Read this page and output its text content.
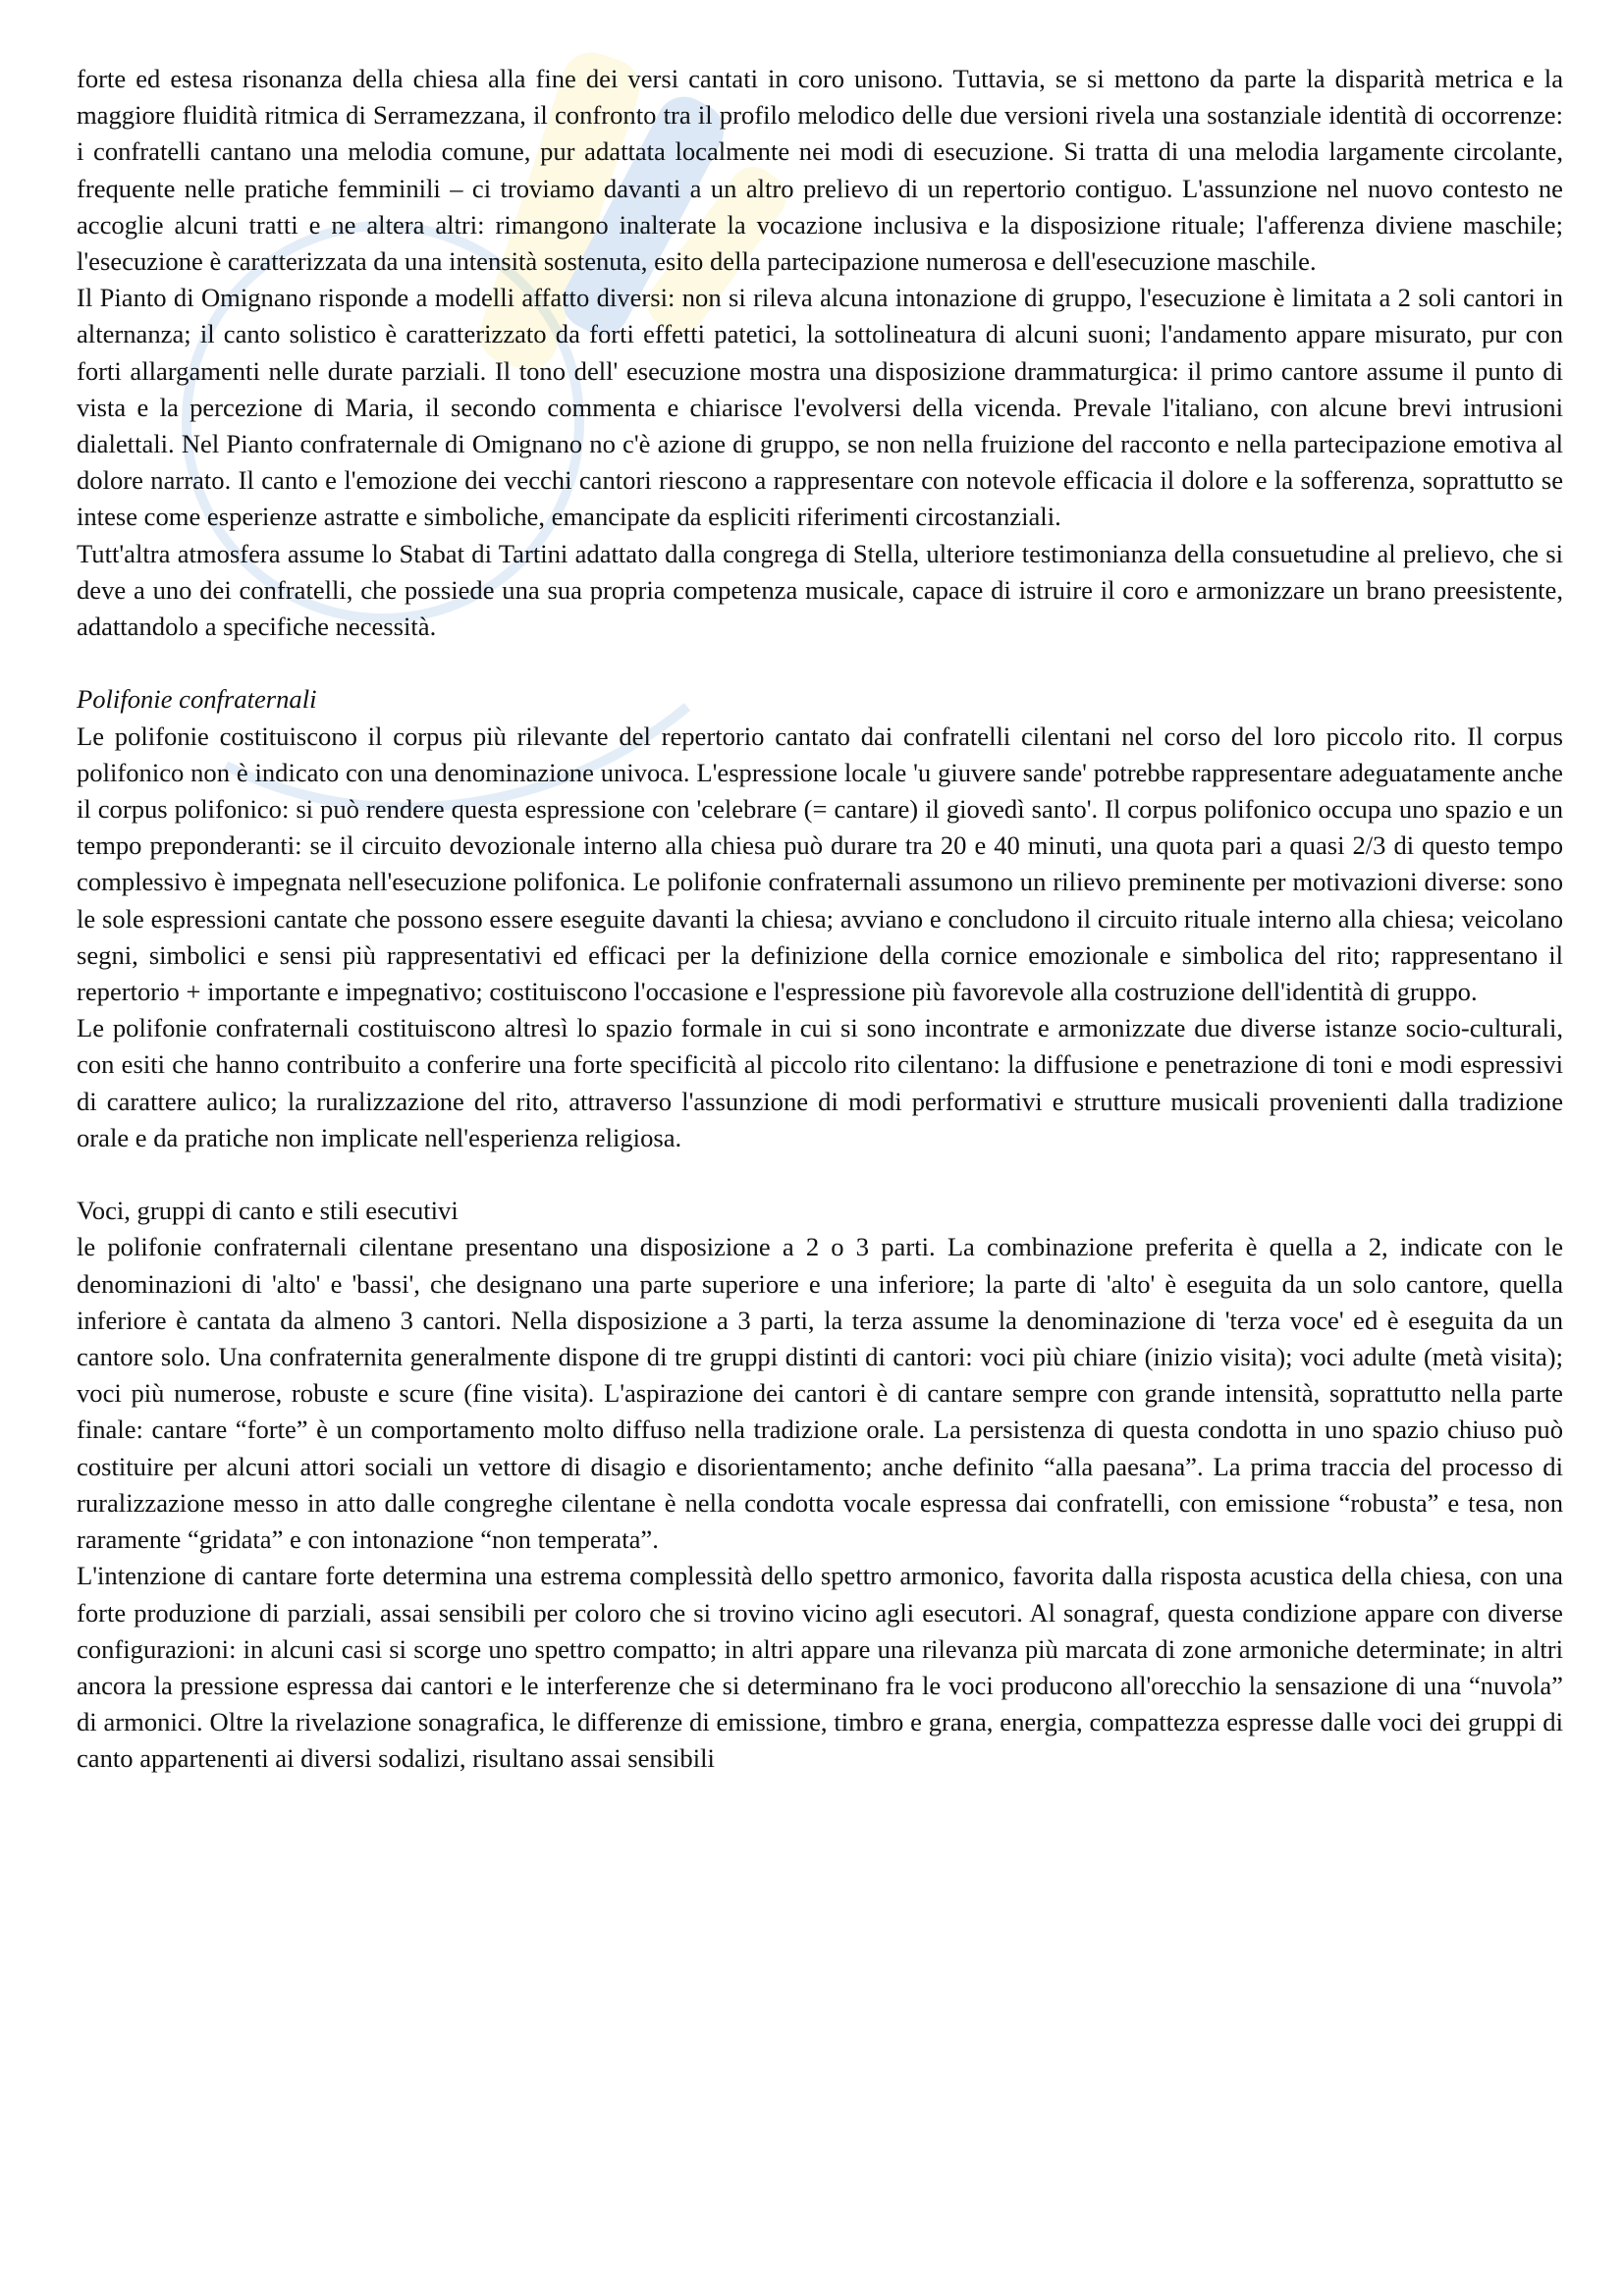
forte ed estesa risonanza della chiesa alla fine dei versi cantati in coro unisono. Tuttavia, se si mettono da parte la disparità metrica e la maggiore fluidità ritmica di Serramezzana, il confronto tra il profilo melodico delle due versioni rivela una sostanziale identità di occorrenze: i confratelli cantano una melodia comune, pur adattata localmente nei modi di esecuzione. Si tratta di una melodia largamente circolante, frequente nelle pratiche femminili – ci troviamo davanti a un altro prelievo di un repertorio contiguo. L'assunzione nel nuovo contesto ne accoglie alcuni tratti e ne altera altri: rimangono inalterate la vocazione inclusiva e la disposizione rituale; l'afferenza diviene maschile; l'esecuzione è caratterizzata da una intensità sostenuta, esito della partecipazione numerosa e dell'esecuzione maschile.

Il Pianto di Omignano risponde a modelli affatto diversi: non si rileva alcuna intonazione di gruppo, l'esecuzione è limitata a 2 soli cantori in alternanza; il canto solistico è caratterizzato da forti effetti patetici, la sottolineatura di alcuni suoni; l'andamento appare misurato, pur con forti allargamenti nelle durate parziali. Il tono dell' esecuzione mostra una disposizione drammaturgica: il primo cantore assume il punto di vista e la percezione di Maria, il secondo commenta e chiarisce l'evolversi della vicenda. Prevale l'italiano, con alcune brevi intrusioni dialettali. Nel Pianto confraternale di Omignano no c'è azione di gruppo, se non nella fruizione del racconto e nella partecipazione emotiva al dolore narrato. Il canto e l'emozione dei vecchi cantori riescono a rappresentare con notevole efficacia il dolore e la sofferenza, soprattutto se intese come esperienze astratte e simboliche, emancipate da espliciti riferimenti circostanziali.

Tutt'altra atmosfera assume lo Stabat di Tartini adattato dalla congrega di Stella, ulteriore testimonianza della consuetudine al prelievo, che si deve a uno dei confratelli, che possiede una sua propria competenza musicale, capace di istruire il coro e armonizzare un brano preesistente, adattandolo a specifiche necessità.

Polifonie confraternali

Le polifonie costituiscono il corpus più rilevante del repertorio cantato dai confratelli cilentani nel corso del loro piccolo rito. Il corpus polifonico non è indicato con una denominazione univoca. L'espressione locale 'u giuvere sande' potrebbe rappresentare adeguatamente anche il corpus polifonico: si può rendere questa espressione con 'celebrare (= cantare) il giovedì santo'. Il corpus polifonico occupa uno spazio e un tempo preponderanti: se il circuito devozionale interno alla chiesa può durare tra 20 e 40 minuti, una quota pari a quasi 2/3 di questo tempo complessivo è impegnata nell'esecuzione polifonica. Le polifonie confraternali assumono un rilievo preminente per motivazioni diverse: sono le sole espressioni cantate che possono essere eseguite davanti la chiesa; avviano e concludono il circuito rituale interno alla chiesa; veicolano segni, simbolici e sensi più rappresentativi ed efficaci per la definizione della cornice emozionale e simbolica del rito; rappresentano il repertorio + importante e impegnativo; costituiscono l'occasione e l'espressione più favorevole alla costruzione dell'identità di gruppo.

Le polifonie confraternali costituiscono altresì lo spazio formale in cui si sono incontrate e armonizzate due diverse istanze socio-culturali, con esiti che hanno contribuito a conferire una forte specificità al piccolo rito cilentano: la diffusione e penetrazione di toni e modi espressivi di carattere aulico; la ruralizzazione del rito, attraverso l'assunzione di modi performativi e strutture musicali provenienti dalla tradizione orale e da pratiche non implicate nell'esperienza religiosa.

Voci, gruppi di canto e stili esecutivi

le polifonie confraternali cilentane presentano una disposizione a 2 o 3 parti. La combinazione preferita è quella a 2, indicate con le denominazioni di 'alto' e 'bassi', che designano una parte superiore e una inferiore; la parte di 'alto' è eseguita da un solo cantore, quella inferiore è cantata da almeno 3 cantori. Nella disposizione a 3 parti, la terza assume la denominazione di 'terza voce' ed è eseguita da un cantore solo. Una confraternita generalmente dispone di tre gruppi distinti di cantori: voci più chiare (inizio visita); voci adulte (metà visita); voci più numerose, robuste e scure (fine visita). L'aspirazione dei cantori è di cantare sempre con grande intensità, soprattutto nella parte finale: cantare “forte” è un comportamento molto diffuso nella tradizione orale. La persistenza di questa condotta in uno spazio chiuso può costituire per alcuni attori sociali un vettore di disagio e disorientamento; anche definito “alla paesana”. La prima traccia del processo di ruralizzazione messo in atto dalle congreghe cilentane è nella condotta vocale espressa dai confratelli, con emissione “robusta” e tesa, non raramente “gridata” e con intonazione “non temperata”.

L'intenzione di cantare forte determina una estrema complessità dello spettro armonico, favorita dalla risposta acustica della chiesa, con una forte produzione di parziali, assai sensibili per coloro che si trovino vicino agli esecutori. Al sonagraf, questa condizione appare con diverse configurazioni: in alcuni casi si scorge uno spettro compatto; in altri appare una rilevanza più marcata di zone armoniche determinate; in altri ancora la pressione espressa dai cantori e le interferenze che si determinano fra le voci producono all'orecchio la sensazione di una “nuvola” di armonici. Oltre la rivelazione sonagrafica, le differenze di emissione, timbro e grana, energia, compattezza espresse dalle voci dei gruppi di canto appartenenti ai diversi sodalizi, risultano assai sensibili
